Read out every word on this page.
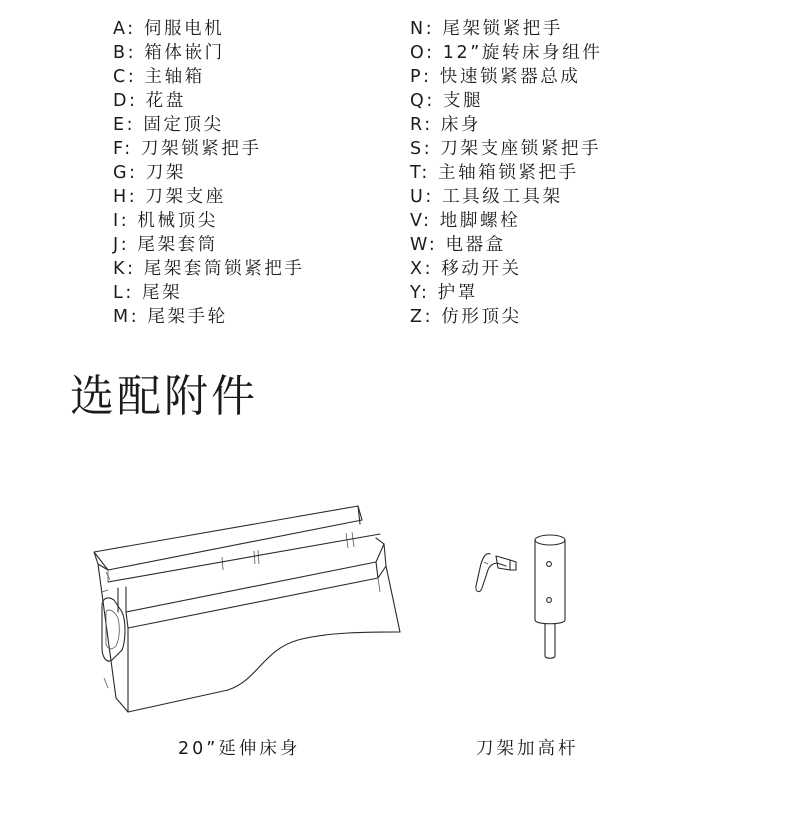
A: 伺服电机
B: 箱体嵌门
C: 主轴箱
D: 花盘
E: 固定顶尖
F: 刀架锁紧把手
G: 刀架
H: 刀架支座
I: 机械顶尖
J: 尾架套筒
K: 尾架套筒锁紧把手
L: 尾架
M: 尾架手轮
N: 尾架锁紧把手
O: 12”旋转床身组件
P: 快速锁紧器总成
Q: 支腿
R: 床身
S: 刀架支座锁紧把手
T: 主轴箱锁紧把手
U: 工具级工具架
V: 地脚螺栓
W: 电器盒
X: 移动开关
Y: 护罩
Z: 仿形顶尖
选配附件
20”延伸床身	刀架加高杆
